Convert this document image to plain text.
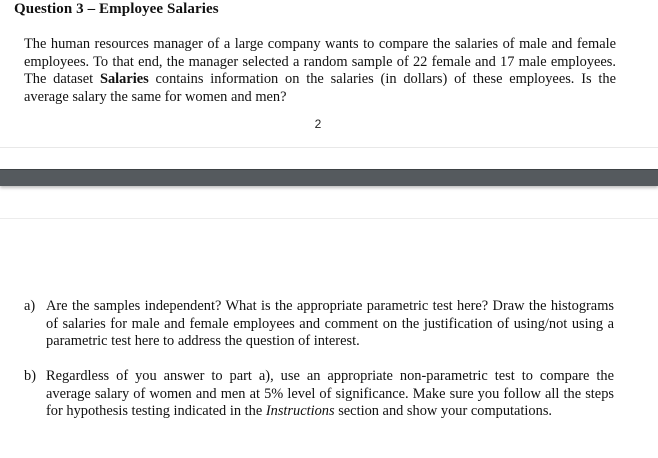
Question 3 – Employee Salaries

The human resources manager of a large company wants to compare the salaries of male and female employees. To that end, the manager selected a random sample of 22 female and 17 male employees. The dataset Salaries contains information on the salaries (in dollars) of these employees. Is the average salary the same for women and men?

2
a) Are the samples independent? What is the appropriate parametric test here? Draw the histograms of salaries for male and female employees and comment on the justification of using/not using a parametric test here to address the question of interest.
b) Regardless of you answer to part a), use an appropriate non-parametric test to compare the average salary of women and men at 5% level of significance. Make sure you follow all the steps for hypothesis testing indicated in the Instructions section and show your computations.
